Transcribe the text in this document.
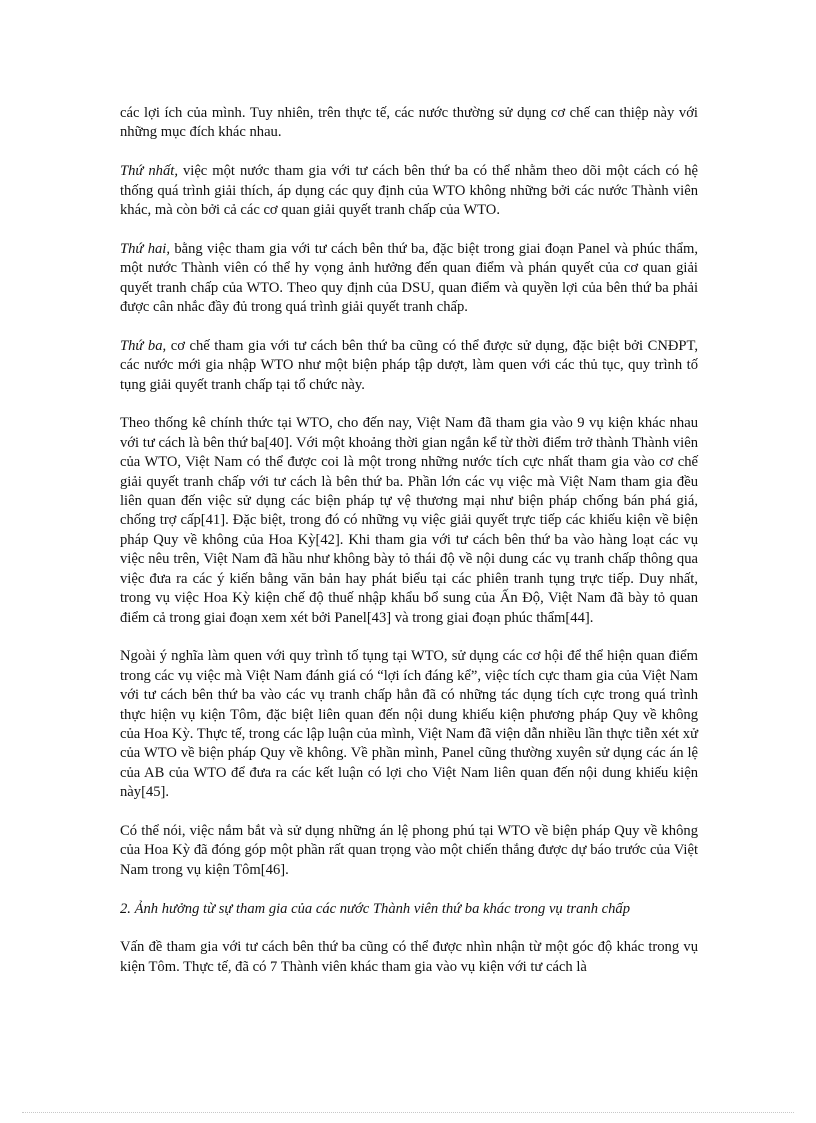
các lợi ích của mình. Tuy nhiên, trên thực tế, các nước thường sử dụng cơ chế can thiệp này với những mục đích khác nhau.

Thứ nhất, việc một nước tham gia với tư cách bên thứ ba có thể nhằm theo dõi một cách có hệ thống quá trình giải thích, áp dụng các quy định của WTO không những bởi các nước Thành viên khác, mà còn bởi cả các cơ quan giải quyết tranh chấp của WTO.

Thứ hai, bằng việc tham gia với tư cách bên thứ ba, đặc biệt trong giai đoạn Panel và phúc thẩm, một nước Thành viên có thể hy vọng ảnh hưởng đến quan điểm và phán quyết của cơ quan giải quyết tranh chấp của WTO. Theo quy định của DSU, quan điểm và quyền lợi của bên thứ ba phải được cân nhắc đầy đủ trong quá trình giải quyết tranh chấp.

Thứ ba, cơ chế tham gia với tư cách bên thứ ba cũng có thể được sử dụng, đặc biệt bởi CNĐPT, các nước mới gia nhập WTO như một biện pháp tập dượt, làm quen với các thủ tục, quy trình tố tụng giải quyết tranh chấp tại tổ chức này.

Theo thống kê chính thức tại WTO, cho đến nay, Việt Nam đã tham gia vào 9 vụ kiện khác nhau với tư cách là bên thứ ba[40]. Với một khoảng thời gian ngắn kể từ thời điểm trở thành Thành viên của WTO, Việt Nam có thể được coi là một trong những nước tích cực nhất tham gia vào cơ chế giải quyết tranh chấp với tư cách là bên thứ ba. Phần lớn các vụ việc mà Việt Nam tham gia đều liên quan đến việc sử dụng các biện pháp tự vệ thương mại như biện pháp chống bán phá giá, chống trợ cấp[41]. Đặc biệt, trong đó có những vụ việc giải quyết trực tiếp các khiếu kiện về biện pháp Quy về không của Hoa Kỳ[42]. Khi tham gia với tư cách bên thứ ba vào hàng loạt các vụ việc nêu trên, Việt Nam đã hầu như không bày tỏ thái độ về nội dung các vụ tranh chấp thông qua việc đưa ra các ý kiến bằng văn bản hay phát biểu tại các phiên tranh tụng trực tiếp. Duy nhất, trong vụ việc Hoa Kỳ kiện chế độ thuế nhập khẩu bổ sung của Ấn Độ, Việt Nam đã bày tỏ quan điểm cả trong giai đoạn xem xét bởi Panel[43] và trong giai đoạn phúc thẩm[44].

Ngoài ý nghĩa làm quen với quy trình tố tụng tại WTO, sử dụng các cơ hội để thể hiện quan điểm trong các vụ việc mà Việt Nam đánh giá có “lợi ích đáng kể”, việc tích cực tham gia của Việt Nam với tư cách bên thứ ba vào các vụ tranh chấp hẳn đã có những tác dụng tích cực trong quá trình thực hiện vụ kiện Tôm, đặc biệt liên quan đến nội dung khiếu kiện phương pháp Quy về không của Hoa Kỳ. Thực tế, trong các lập luận của mình, Việt Nam đã viện dẫn nhiều lần thực tiễn xét xử của WTO về biện pháp Quy về không. Về phần mình, Panel cũng thường xuyên sử dụng các án lệ của AB của WTO để đưa ra các kết luận có lợi cho Việt Nam liên quan đến nội dung khiếu kiện này[45].

Có thể nói, việc nắm bắt và sử dụng những án lệ phong phú tại WTO về biện pháp Quy về không của Hoa Kỳ đã đóng góp một phần rất quan trọng vào một chiến thắng được dự báo trước của Việt Nam trong vụ kiện Tôm[46].

2. Ảnh hưởng từ sự tham gia của các nước Thành viên thứ ba khác trong vụ tranh chấp

Vấn đề tham gia với tư cách bên thứ ba cũng có thể được nhìn nhận từ một góc độ khác trong vụ kiện Tôm. Thực tế, đã có 7 Thành viên khác tham gia vào vụ kiện với tư cách là
